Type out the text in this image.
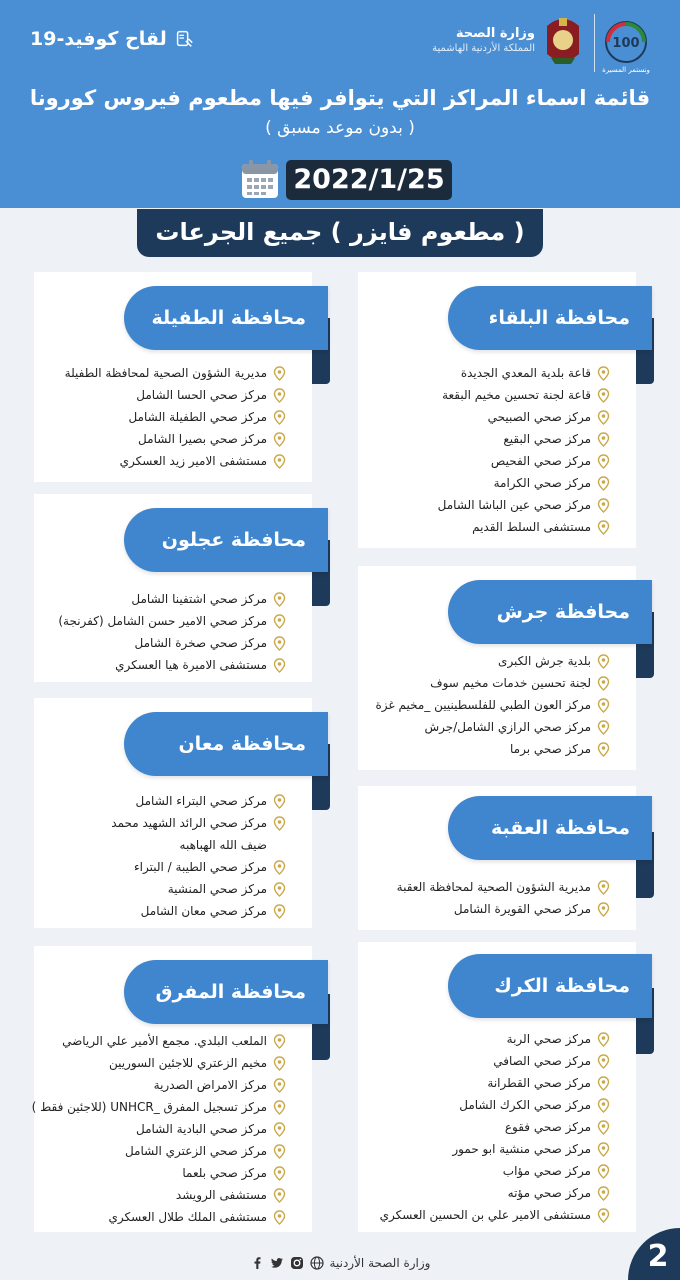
لقاح كوفيد-19	وزارة الصحة
المملكة الأردنية الهاشمية	100
ونستمر المسيرة
قائمة اسماء المراكز التي يتوافر فيها مطعوم فيروس كورونا
( بدون موعد مسبق )
2022/1/25
( مطعوم فايزر ) جميع الجرعات
محافظة البلقاء
قاعة بلدية المعدي الجديدة
قاعة لجنة تحسين مخيم البقعة
مركز صحي الصبيحي
مركز صحي البقيع
مركز صحي الفحيص
مركز صحي الكرامة
مركز صحي عين الباشا الشامل
مستشفى السلط القديم
محافظة الطفيلة
مديرية الشؤون الصحية لمحافظة الطفيلة
مركز صحي الحسا الشامل
مركز صحي الطفيلة الشامل
مركز صحي بصيرا الشامل
مستشفى الامير زيد العسكري
محافظة عجلون
مركز صحي اشتفينا الشامل
مركز صحي الامير حسن الشامل (كفرنجة)
مركز صحي صخرة الشامل
مستشفى الاميرة هيا العسكري
محافظة جرش
بلدية جرش الكبرى
لجنة تحسين خدمات مخيم سوف
مركز العون الطبي للفلسطينيين _مخيم غزة
مركز صحي الرازي الشامل/جرش
مركز صحي برما
محافظة معان
مركز صحي البتراء الشامل
مركز صحي الرائد الشهيد محمد
ضيف الله الهباهبه
مركز صحي الطيبة / البتراء
مركز صحي المنشية
مركز صحي معان الشامل
محافظة العقبة
مديرية الشؤون الصحية لمحافظة العقبة
مركز صحي القويرة الشامل
محافظة المفرق
الملعب البلدي. مجمع الأمير علي الرياضي
مخيم الزعتري للاجئين السوريين
مركز الامراض الصدرية
مركز تسجيل المفرق _UNHCR (للاجئين فقط )
مركز صحي البادية الشامل
مركز صحي الزعتري الشامل
مركز صحي بلعما
مستشفى الرويشد
مستشفى الملك طلال العسكري
محافظة الكرك
مركز صحي الربة
مركز صحي الصافي
مركز صحي القطرانة
مركز صحي الكرك الشامل
مركز صحي فقوع
مركز صحي منشية ابو حمور
مركز صحي مؤاب
مركز صحي مؤته
مستشفى الامير علي بن الحسين العسكري
وزارة الصحة الأردنية	2
